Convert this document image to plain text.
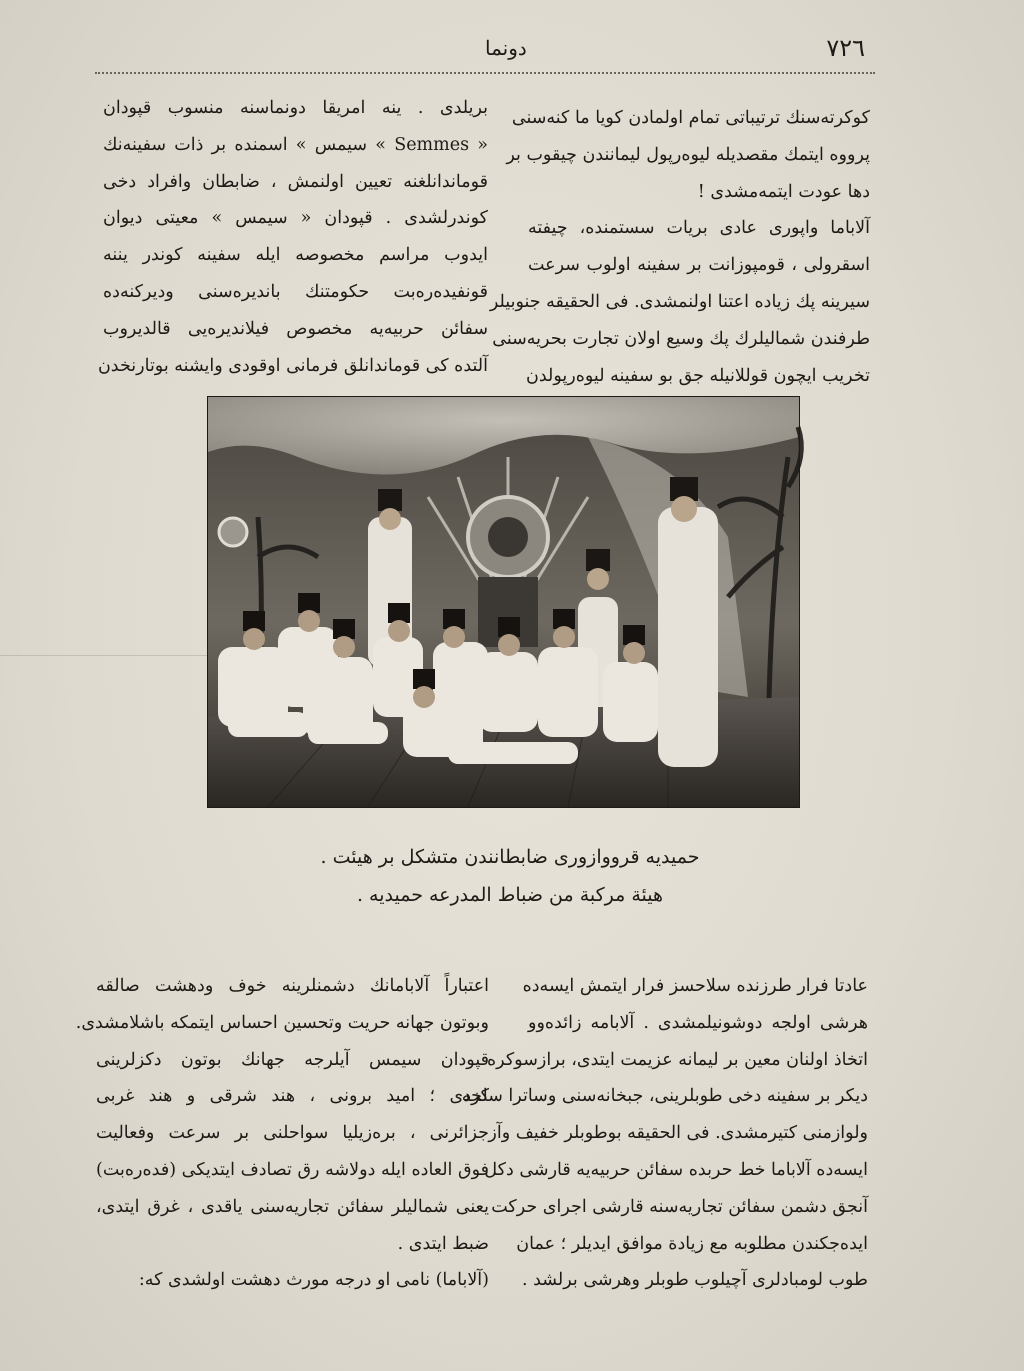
٧٢٦
دونما
کوکرتەسنك ترتیباتی تمام اولمادن کویا ما کنەسنی
پرووه ایتمك مقصدیلە لیوەرپول لیمانندن چیقوب بر
دها عودت ایتمەمشدی !
آلاباما واپوری عادی بریات سستمندە، چیفته
اسقرولی ، قومپوزانت بر سفینە اولوب سرعت
سیرینە پك زیادە اعتنا اولنمشدی. فی الحقیقه جنوبیلر
طرفندن شمالیلرك پك وسیع اولان تجارت بحریەسنی
تخریب ایچون قوللانیله جق بو سفینه لیوەرپولدن
بریلدی . ینه امریقا دونماسنه منسوب قپودان
« Semmes » سیمس » اسمنده بر ذات سفینەنك
قوماندانلغنه تعیین اولنمش ، ضابطان وافراد دخی
کوندرلشدی . قپودان « سیمس » معیتی دیوان
ایدوب مراسم مخصوصه ایله سفینه کوندر یننه
قونفیدەرەبت حکومتنك باندیرەسنی ودیرکنەده
سفائن حربیەیه مخصوص فیلاندیرەیی قالدیروب
آلتده کی قوماندانلق فرمانی اوقودی وایشنه بوتارنخدن
حمیدیه قرووازوری ضابطانندن متشکل بر هیئت .
هیئة مرکبة من ضباط المدرعه حمیدیه .
عادتا فرار طرزنده سلاحسز فرار ایتمش ایسەده
هرشی اولجه دوشونیلمشدی . آلابامه زائدەوو
اتخاذ اولنان معین بر لیمانه عزیمت ایتدی، برازسوکره
دیکر بر سفینه دخی طوبلرینی، جبخانەسنی وساترا سلحه
ولوازمنی کتیرمشدی. فی الحقیقه بوطوبلر خفیف وآز
ایسەده آلاباما خط حربده سفائن حربیەیه قارشی دکل
آنجق دشمن سفائن تجاریەسنه قارشی اجرای حرکت
ایدەجکندن مطلوبه مع زیادة موافق ایدیلر ؛ عمان
طوب لومبادلری آچیلوب طوبلر وهرشی برلشد .
اعتباراً آلابامانك دشمنلرینه خوف ودهشت صالقه
وبوتون جهانه حریت وتحسین احساس ایتمکه باشلامشدی.
قپودان سیمس آیلرجه جهانك بوتون دکزلرینی
کزدی ؛ امید برونی ، هند شرقی و هند غربی
جزائرنی ، برەزیلیا سواحلنی بر سرعت وفعالیت
فوق العاده ایله دولاشه رق تصادف ایتدیکی (فدەرەبت)
یعنی شمالیلر سفائن تجاریەسنی یاقدی ، غرق ایتدی،
ضبط ایتدی .
(آلاباما) نامی او درجه مورث دهشت اولشدی که:
